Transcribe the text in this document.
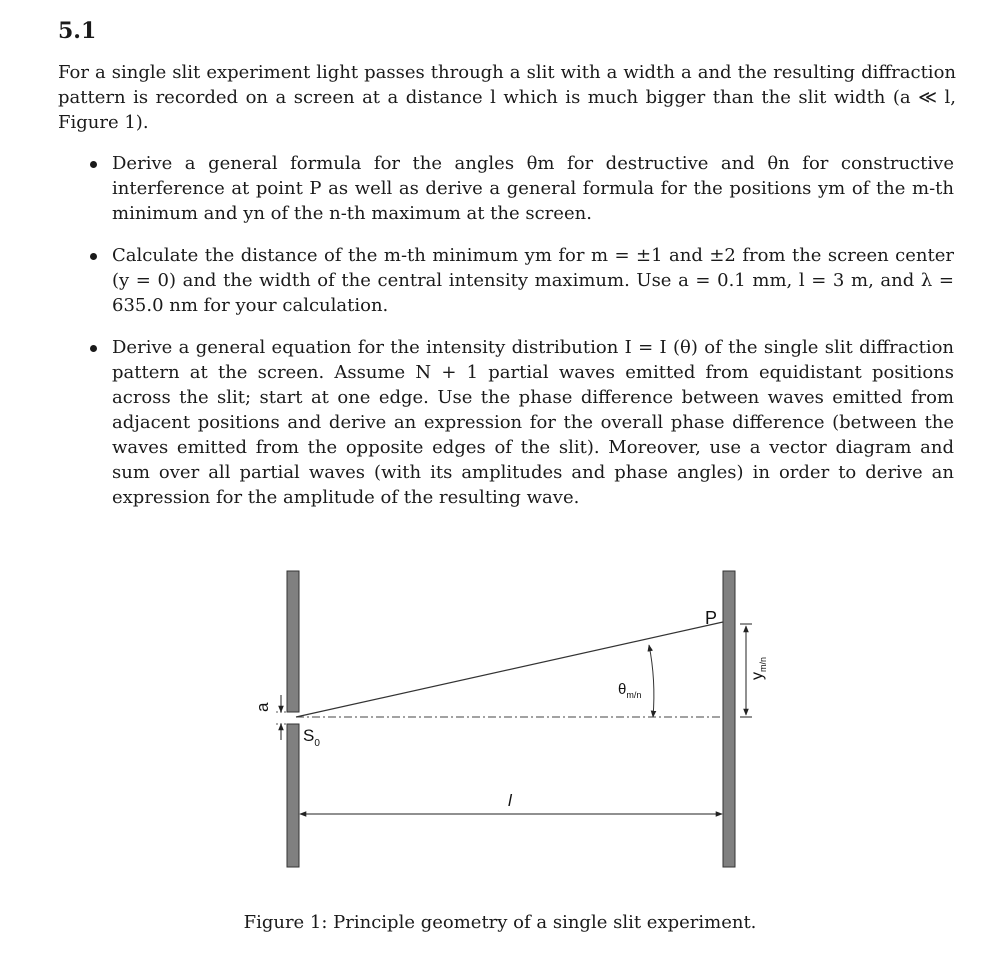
5.1

For a single slit experiment light passes through a slit with a width a and the resulting diffraction pattern is recorded on a screen at a distance l which is much bigger than the slit width (a ≪ l, Figure 1).

Derive a general formula for the angles θm for destructive and θn for constructive interference at point P as well as derive a general formula for the positions ym of the m-th minimum and yn of the n-th maximum at the screen.
Calculate the distance of the m-th minimum ym for m = ±1 and ±2 from the screen center (y = 0) and the width of the central intensity maximum. Use a = 0.1 mm, l = 3 m, and λ = 635.0 nm for your calculation.
Derive a general equation for the intensity distribution I = I (θ) of the single slit diffraction pattern at the screen. Assume N + 1 partial waves emitted from equidistant positions across the slit; start at one edge. Use the phase difference between waves emitted from adjacent positions and derive an expression for the overall phase difference (between the waves emitted from the opposite edges of the slit). Moreover, use a vector diagram and sum over all partial waves (with its amplitudes and phase angles) in order to derive an expression for the amplitude of the resulting wave.
P
$S_0$
$\theta_{m/n}$
$y_{m/n}$
a
l
Figure 1: Principle geometry of a single slit experiment.
